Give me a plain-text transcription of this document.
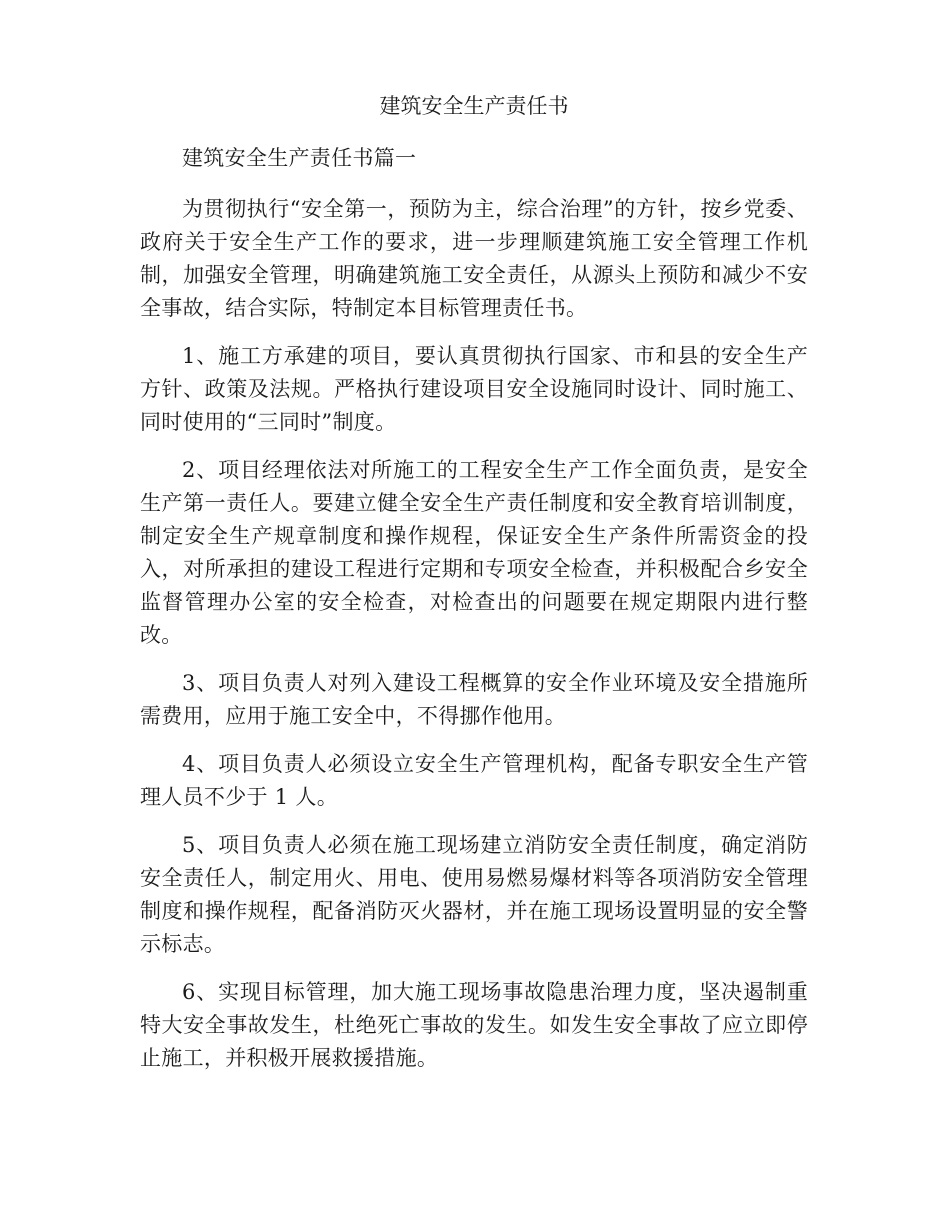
建筑安全生产责任书

建筑安全生产责任书篇一

为贯彻执行“安全第一，预防为主，综合治理”的方针，按乡党委、政府关于安全生产工作的要求，进一步理顺建筑施工安全管理工作机制，加强安全管理，明确建筑施工安全责任，从源头上预防和减少不安全事故，结合实际，特制定本目标管理责任书。

1、施工方承建的项目，要认真贯彻执行国家、市和县的安全生产方针、政策及法规。严格执行建设项目安全设施同时设计、同时施工、同时使用的“三同时”制度。

2、项目经理依法对所施工的工程安全生产工作全面负责，是安全生产第一责任人。要建立健全安全生产责任制度和安全教育培训制度，制定安全生产规章制度和操作规程，保证安全生产条件所需资金的投入，对所承担的建设工程进行定期和专项安全检查，并积极配合乡安全监督管理办公室的安全检查，对检查出的问题要在规定期限内进行整改。

3、项目负责人对列入建设工程概算的安全作业环境及安全措施所需费用，应用于施工安全中，不得挪作他用。

4、项目负责人必须设立安全生产管理机构，配备专职安全生产管理人员不少于 1 人。

5、项目负责人必须在施工现场建立消防安全责任制度，确定消防安全责任人，制定用火、用电、使用易燃易爆材料等各项消防安全管理制度和操作规程，配备消防灭火器材，并在施工现场设置明显的安全警示标志。

6、实现目标管理，加大施工现场事故隐患治理力度，坚决遏制重特大安全事故发生，杜绝死亡事故的发生。如发生安全事故了应立即停止施工，并积极开展救援措施。
